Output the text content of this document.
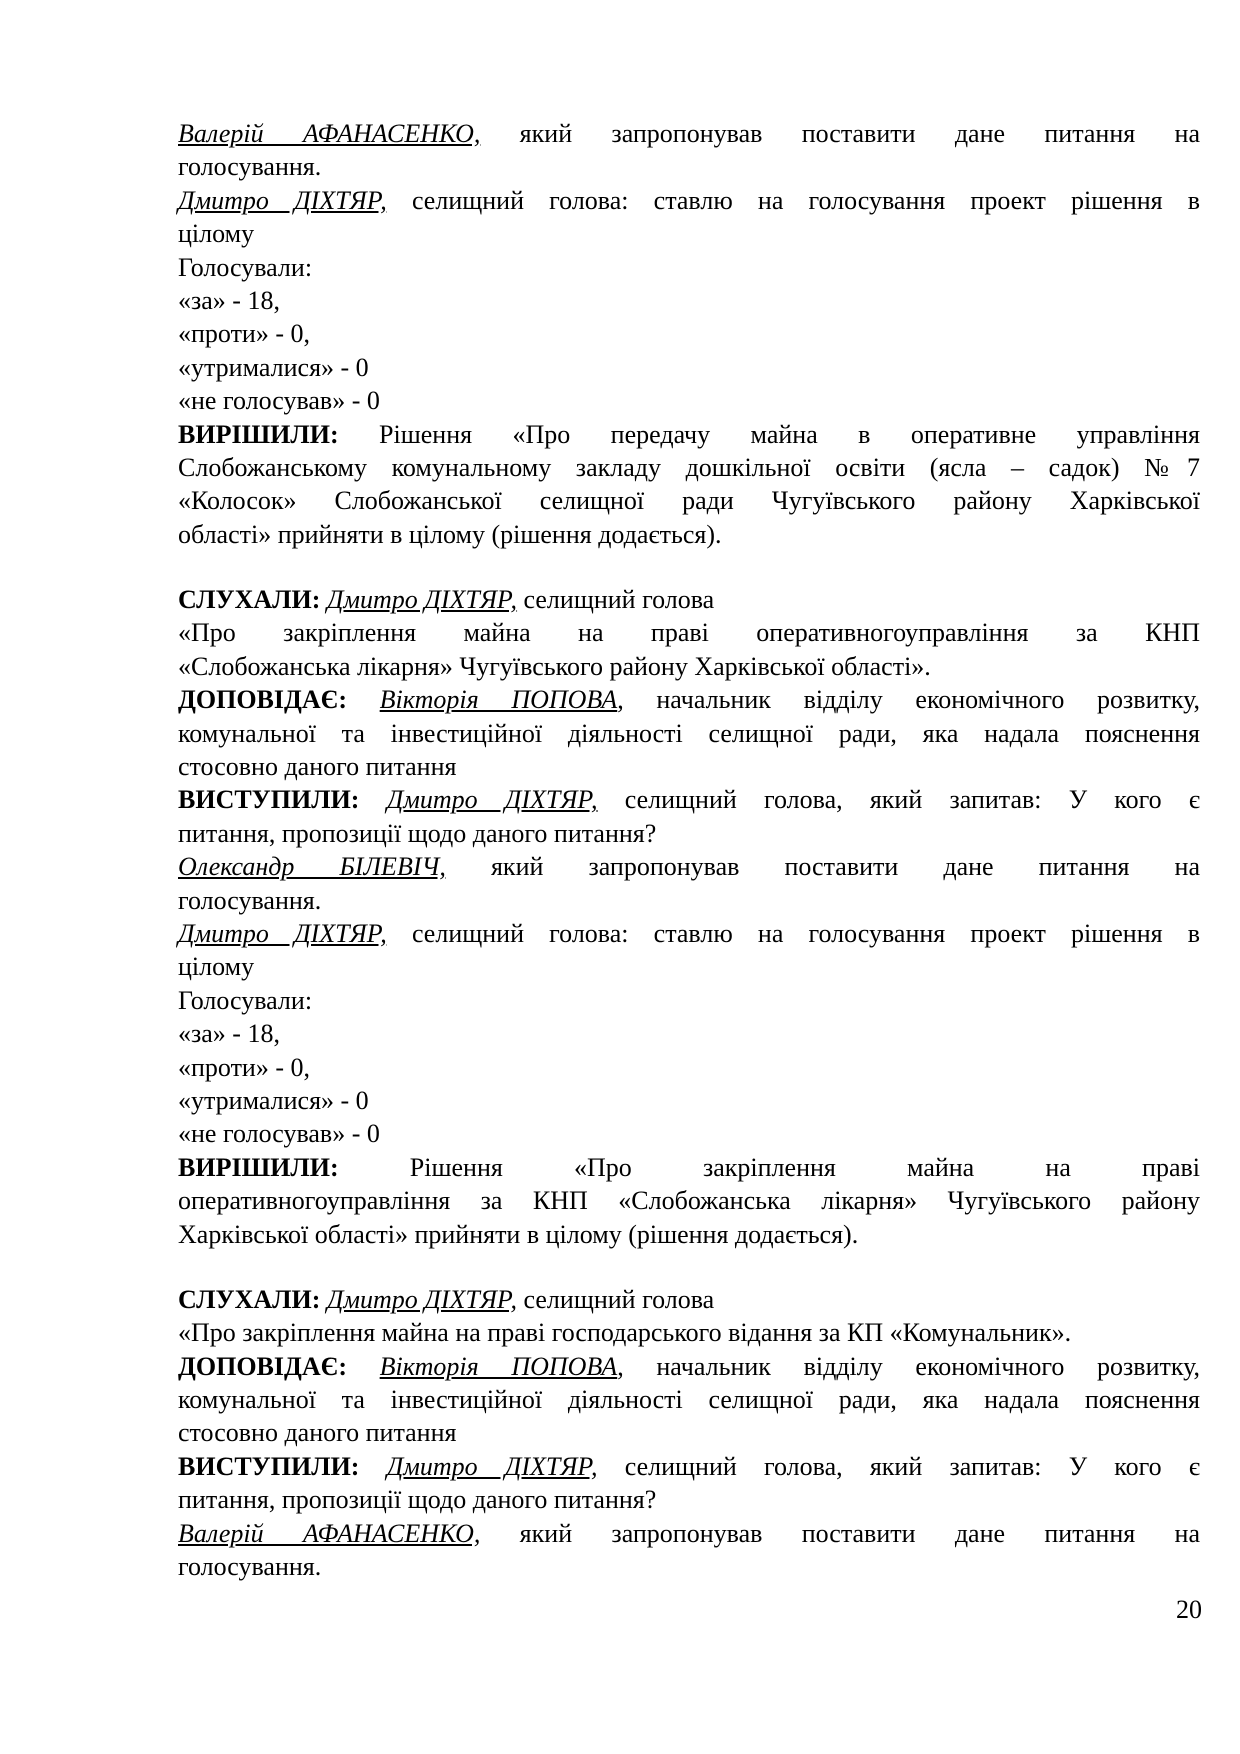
Валерій АФАНАСЕНКО, який запропонував поставити дане питання на
голосування.
Дмитро ДІХТЯР, селищний голова: ставлю на голосування проект рішення в
цілому
Голосували:
«за» - 18,
«проти» - 0,
«утрималися» - 0
«не голосував» - 0
ВИРІШИЛИ: Рішення «Про передачу майна в оперативне управління
Слобожанському комунальному закладу дошкільної освіти (ясла – садок) №7
«Колосок» Слобожанської селищної ради Чугуївського району Харківської
області» прийняти в цілому (рішення додається).
СЛУХАЛИ: Дмитро ДІХТЯР, селищний голова
«Про закріплення майна на праві оперативногоуправління за КНП
«Слобожанська лікарня» Чугуївського району Харківської області».
ДОПОВІДАЄ: Вікторія ПОПОВА, начальник відділу економічного розвитку,
комунальної та інвестиційної діяльності селищної ради, яка надала пояснення
стосовно даного питання
ВИСТУПИЛИ: Дмитро ДІХТЯР, селищний голова, який запитав: У кого є
питання, пропозиції щодо даного питання?
Олександр БІЛЕВІЧ, який запропонував поставити дане питання на
голосування.
Дмитро ДІХТЯР, селищний голова: ставлю на голосування проект рішення в
цілому
Голосували:
«за» - 18,
«проти» - 0,
«утрималися» - 0
«не голосував» - 0
ВИРІШИЛИ: Рішення «Про закріплення майна на праві
оперативногоуправління за КНП «Слобожанська лікарня» Чугуївського району
Харківської області» прийняти в цілому (рішення додається).
СЛУХАЛИ: Дмитро ДІХТЯР, селищний голова
«Про закріплення майна на праві господарського відання за КП «Комунальник».
ДОПОВІДАЄ: Вікторія ПОПОВА, начальник відділу економічного розвитку,
комунальної та інвестиційної діяльності селищної ради, яка надала пояснення
стосовно даного питання
ВИСТУПИЛИ: Дмитро ДІХТЯР, селищний голова, який запитав: У кого є
питання, пропозиції щодо даного питання?
Валерій АФАНАСЕНКО, який запропонував поставити дане питання на
голосування.
20
